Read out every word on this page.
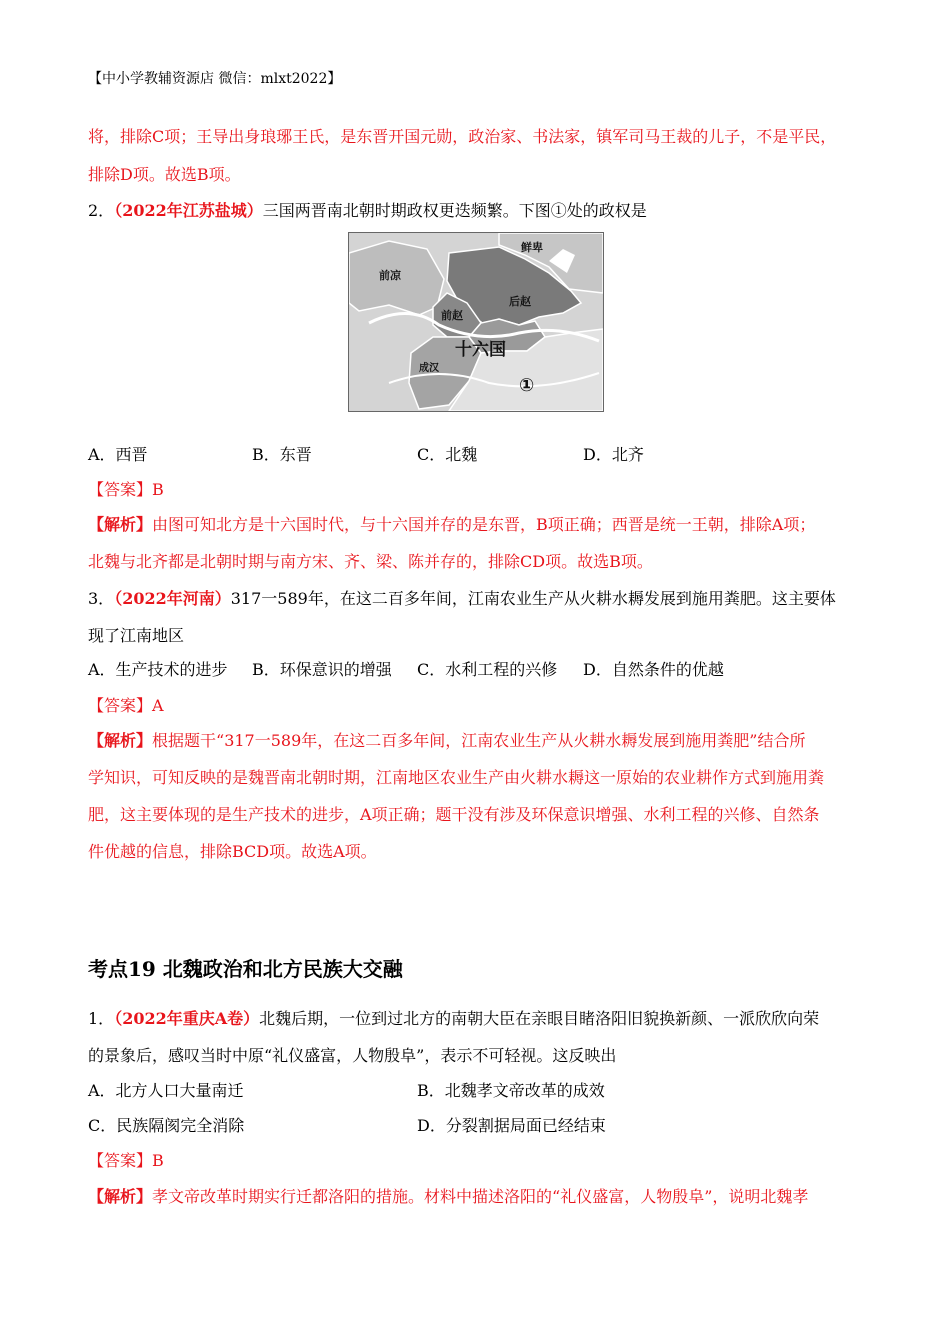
【中小学教辅资源店 微信：mlxt2022】
将，排除C项；王导出身琅琊王氏，是东晋开国元勋，政治家、书法家，镇军司马王裁的儿子，不是平民，
排除D项。故选B项。
2．（2022年江苏盐城）三国两晋南北朝时期政权更迭频繁。下图①处的政权是
鲜卑
前凉
前赵
后赵
成汉
十六国
①
A．西晋	B．东晋	C．北魏	D．北齐
【答案】B
【解析】由图可知北方是十六国时代，与十六国并存的是东晋，B项正确；西晋是统一王朝，排除A项；
北魏与北齐都是北朝时期与南方宋、齐、梁、陈并存的，排除CD项。故选B项。
3．（2022年河南）317一589年，在这二百多年间，江南农业生产从火耕水耨发展到施用粪肥。这主要体
现了江南地区
A．生产技术的进步 B．环保意识的增强 C．水利工程的兴修 D．自然条件的优越
【答案】A
【解析】根据题干“317一589年，在这二百多年间，江南农业生产从火耕水耨发展到施用粪肥”结合所
学知识，可知反映的是魏晋南北朝时期，江南地区农业生产由火耕水耨这一原始的农业耕作方式到施用粪
肥，这主要体现的是生产技术的进步，A项正确；题干没有涉及环保意识增强、水利工程的兴修、自然条
件优越的信息，排除BCD项。故选A项。
考点19 北魏政治和北方民族大交融
1．（2022年重庆A卷）北魏后期，一位到过北方的南朝大臣在亲眼目睹洛阳旧貌换新颜、一派欣欣向荣
的景象后，感叹当时中原“礼仪盛富，人物殷阜”，表示不可轻视。这反映出
A．北方人口大量南迁	B．北魏孝文帝改革的成效
C．民族隔阂完全消除	D．分裂割据局面已经结束
【答案】B
【解析】孝文帝改革时期实行迁都洛阳的措施。材料中描述洛阳的“礼仪盛富，人物殷阜”，说明北魏孝
